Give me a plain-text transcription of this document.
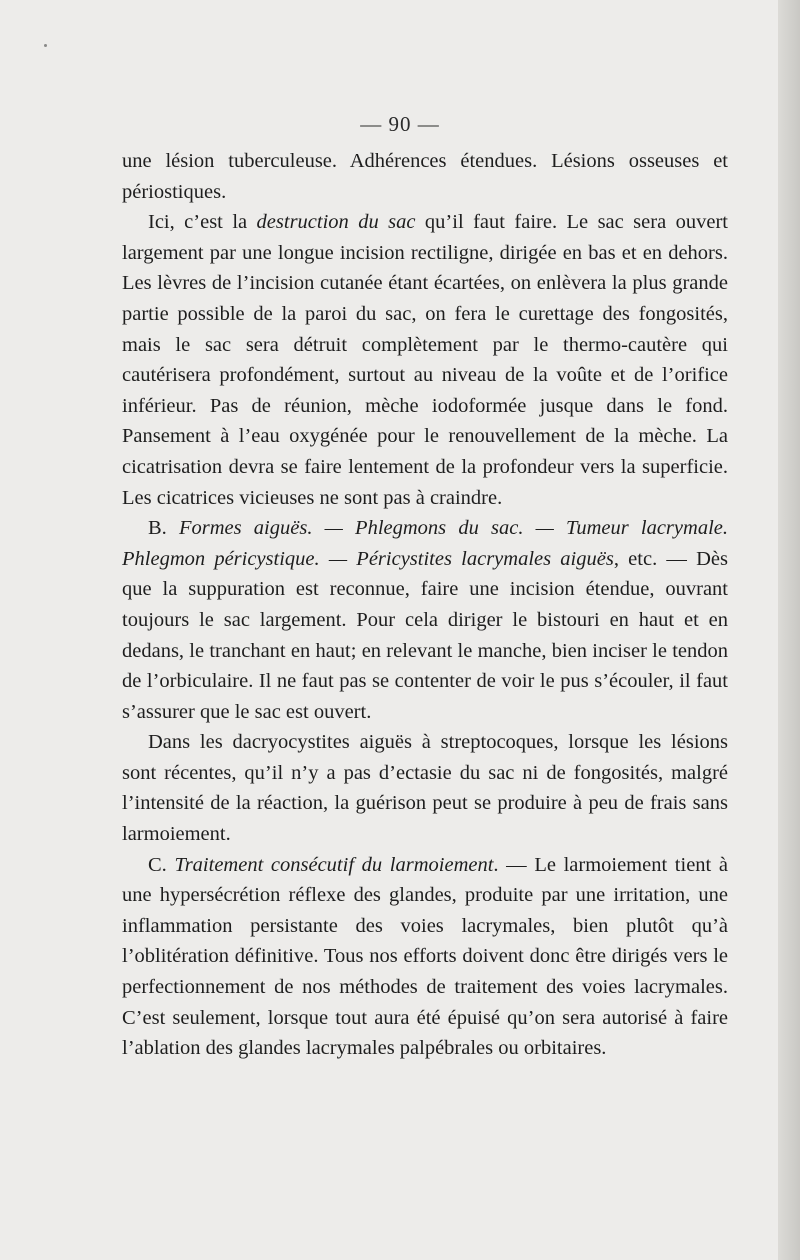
— 90 —

une lésion tuberculeuse. Adhérences étendues. Lésions osseuses et périostiques.

Ici, c’est la destruction du sac qu’il faut faire. Le sac sera ouvert largement par une longue incision rectiligne, dirigée en bas et en dehors. Les lèvres de l’incision cutanée étant écartées, on enlèvera la plus grande partie possible de la paroi du sac, on fera le curettage des fongosités, mais le sac sera détruit complètement par le thermo-cautère qui cautérisera profondément, surtout au niveau de la voûte et de l’orifice inférieur. Pas de réunion, mèche iodoformée jusque dans le fond. Pansement à l’eau oxygénée pour le renouvellement de la mèche. La cicatrisation devra se faire lentement de la profondeur vers la superficie. Les cicatrices vicieuses ne sont pas à craindre.

B. Formes aiguës. — Phlegmons du sac. — Tumeur lacrymale. Phlegmon péricystique. — Péricystites lacrymales aiguës, etc. — Dès que la suppuration est reconnue, faire une incision étendue, ouvrant toujours le sac largement. Pour cela diriger le bistouri en haut et en dedans, le tranchant en haut; en relevant le manche, bien inciser le tendon de l’orbiculaire. Il ne faut pas se contenter de voir le pus s’écouler, il faut s’assurer que le sac est ouvert.

Dans les dacryocystites aiguës à streptocoques, lorsque les lésions sont récentes, qu’il n’y a pas d’ectasie du sac ni de fongosités, malgré l’intensité de la réaction, la guérison peut se produire à peu de frais sans larmoiement.

C. Traitement consécutif du larmoiement. — Le larmoiement tient à une hypersécrétion réflexe des glandes, produite par une irritation, une inflammation persistante des voies lacrymales, bien plutôt qu’à l’oblitération définitive. Tous nos efforts doivent donc être dirigés vers le perfectionnement de nos méthodes de traitement des voies lacrymales. C’est seulement, lorsque tout aura été épuisé qu’on sera autorisé à faire l’ablation des glandes lacrymales palpébrales ou orbitaires.
